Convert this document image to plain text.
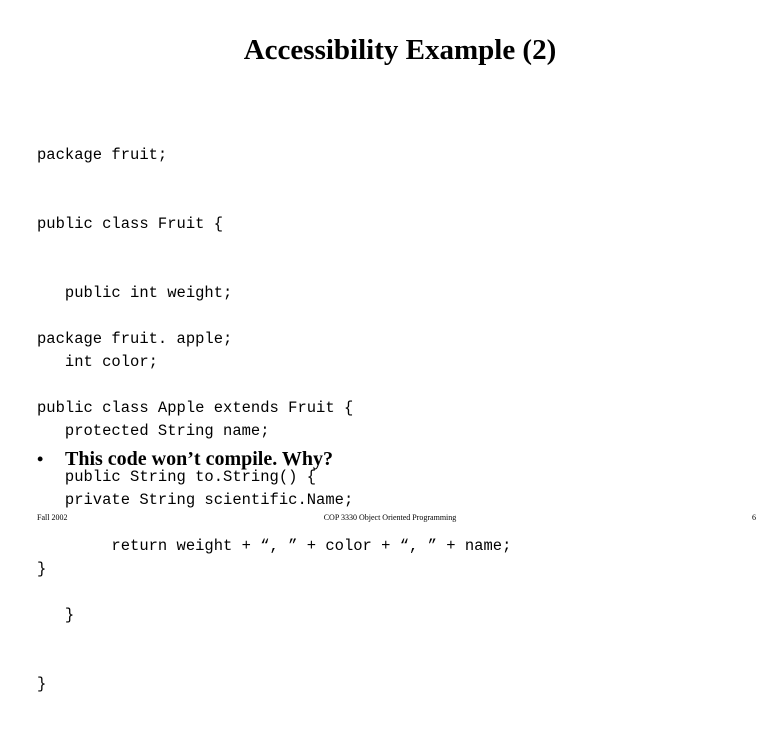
Accessibility Example (2)

package fruit;

public class Fruit {

public int weight;

int color;

protected String name;

private String scientific.Name;

}

package fruit. apple;

public class Apple extends Fruit {

public String to.String() {

return weight + “, ” + color + “, ” + name;

}

}

•	This code won’t compile. Why?
Fall 2002	COP 3330 Object Oriented Programming	6
